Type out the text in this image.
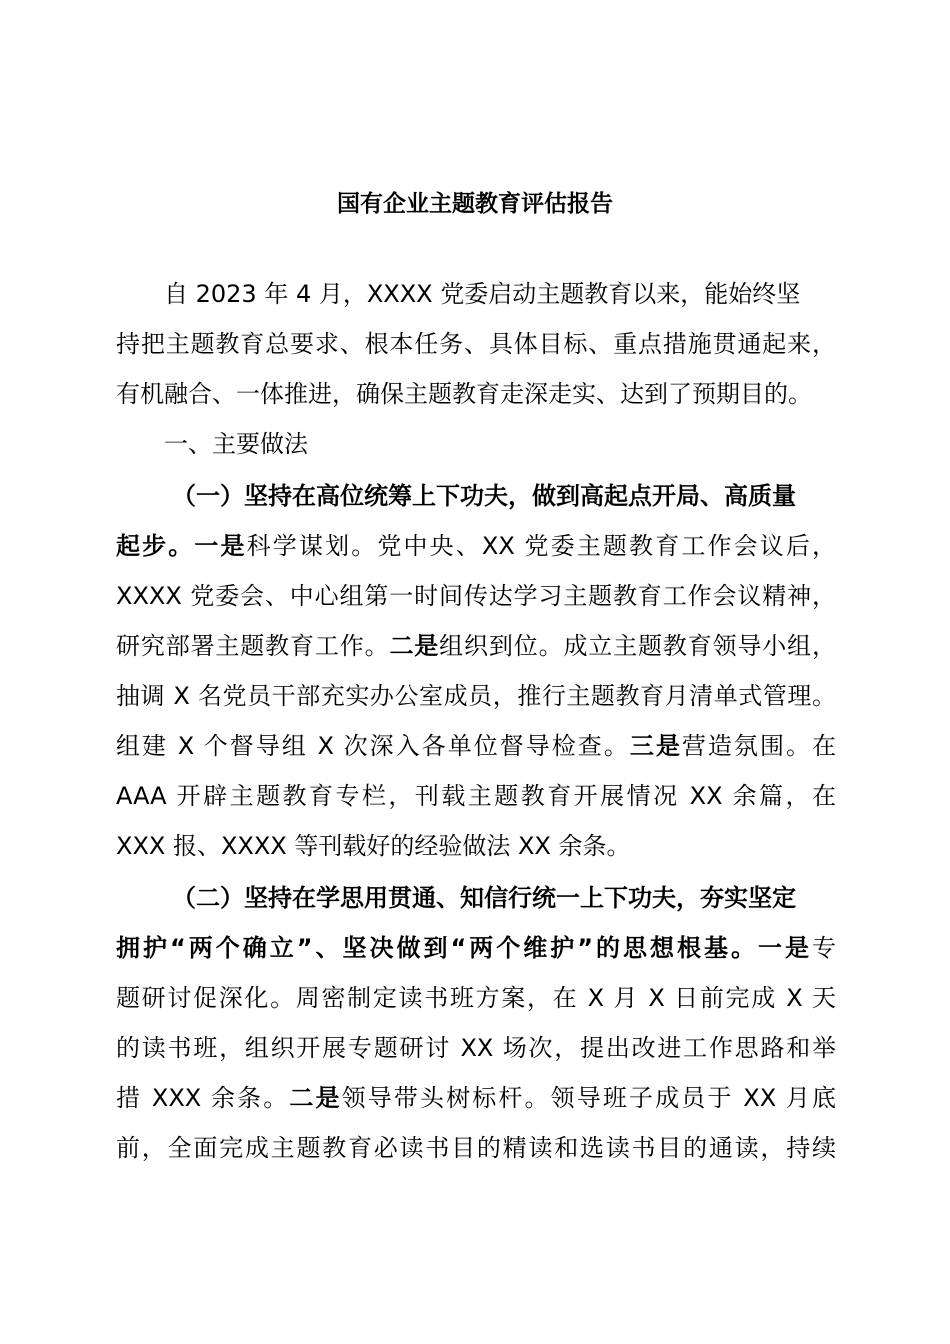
国有企业主题教育评估报告
自 2023 年 4 月，XXXX 党委启动主题教育以来，能始终坚
持把主题教育总要求、根本任务、具体目标、重点措施贯通起来，
有机融合、一体推进，确保主题教育走深走实、达到了预期目的。
一、主要做法
（一）坚持在高位统筹上下功夫，做到高起点开局、高质量
起步。一是科学谋划。党中央、XX 党委主题教育工作会议后，
XXXX 党委会、中心组第一时间传达学习主题教育工作会议精神，
研究部署主题教育工作。二是组织到位。成立主题教育领导小组，
抽调 X 名党员干部充实办公室成员，推行主题教育月清单式管理。
组建 X 个督导组 X 次深入各单位督导检查。三是营造氛围。在
AAA 开辟主题教育专栏，刊载主题教育开展情况 XX 余篇，在
XXX 报、XXXX 等刊载好的经验做法 XX 余条。
（二）坚持在学思用贯通、知信行统一上下功夫，夯实坚定
拥护“两个确立”、坚决做到“两个维护”的思想根基。一是专
题研讨促深化。周密制定读书班方案，在 X 月 X 日前完成 X 天
的读书班，组织开展专题研讨 XX 场次，提出改进工作思路和举
措 XXX 余条。二是领导带头树标杆。领导班子成员于 XX 月底
前，全面完成主题教育必读书目的精读和选读书目的通读，持续
